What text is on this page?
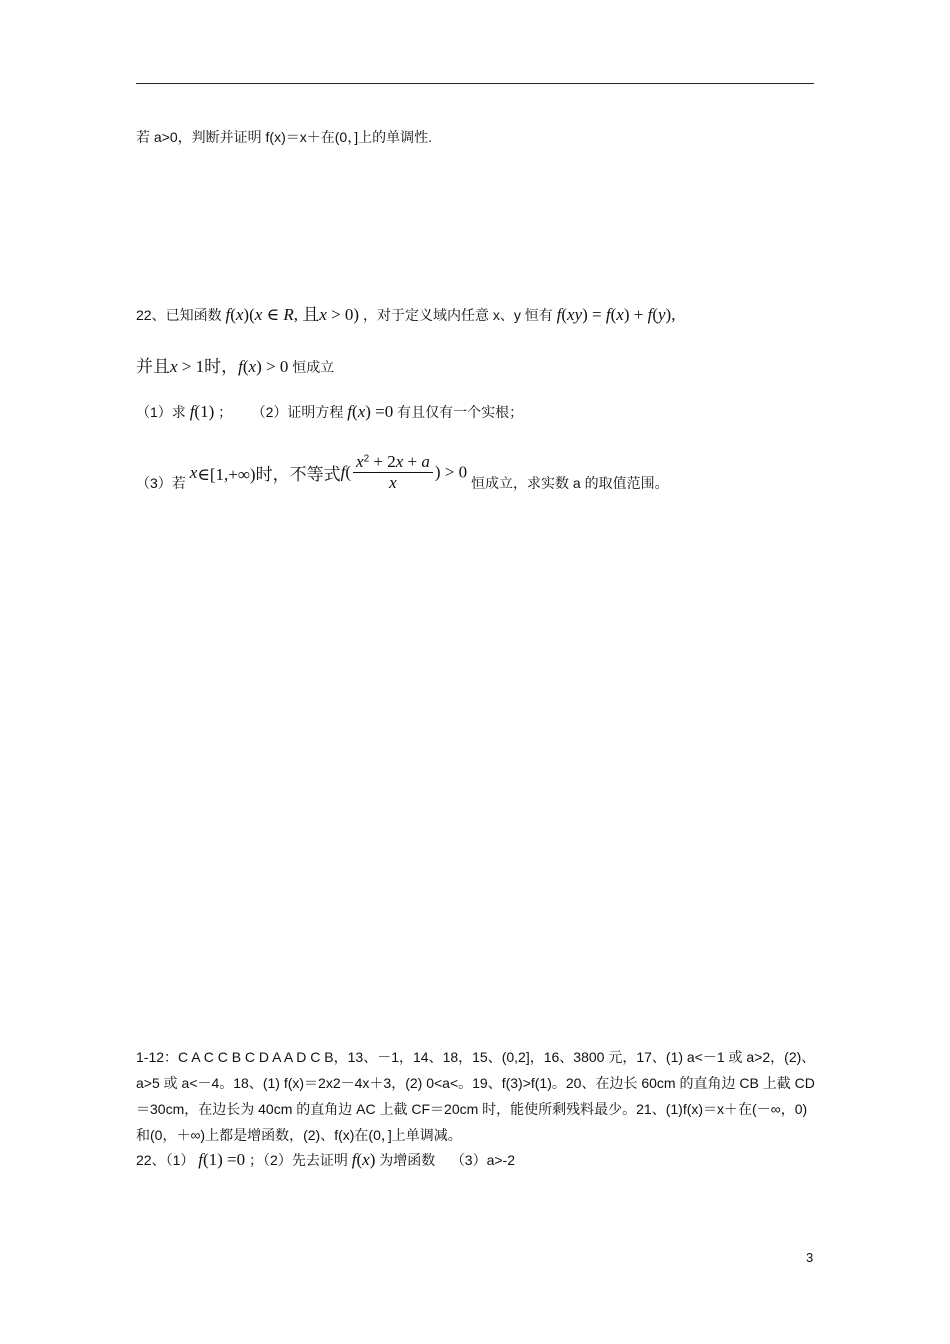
若 a>0，判断并证明 f(x)＝x＋在(0，]上的单调性.
22、已知函数 f(x)(x ∈ R, 且x > 0) ，对于定义域内任意 x、y 恒有 f(xy) = f(x) + f(y),
并且x > 1时，f(x) > 0 恒成立
（1）求 f(1) ； （2）证明方程 f(x) =0 有且仅有一个实根；
（3）若 x∈[1,+∞)时，不等式$f( \frac{x^2 + 2x + a}{x}$ ) > 0 恒成立，求实数 a 的取值范围。
1-12：C A C C B C D A A D C B，13、－1，14、18，15、(0,2]，16、3800 元，17、(1) a<－1 或 a>2，(2)、a>5 或 a<－4。18、(1) f(x)＝2x2－4x＋3，(2) 0<a<。19、f(3)>f(1)。20、在边长 60cm 的直角边 CB 上截 CD＝30cm，在边长为 40cm 的直角边 AC 上截 CF＝20cm 时，能使所剩残料最少。21、(1)f(x)＝x＋在(－∞，0)和(0，＋∞)上都是增函数，(2)、f(x)在(0，]上单调减。
22、（1） f(1) =0 ；（2）先去证明 f(x) 为增函数 （3）a>-2
3
